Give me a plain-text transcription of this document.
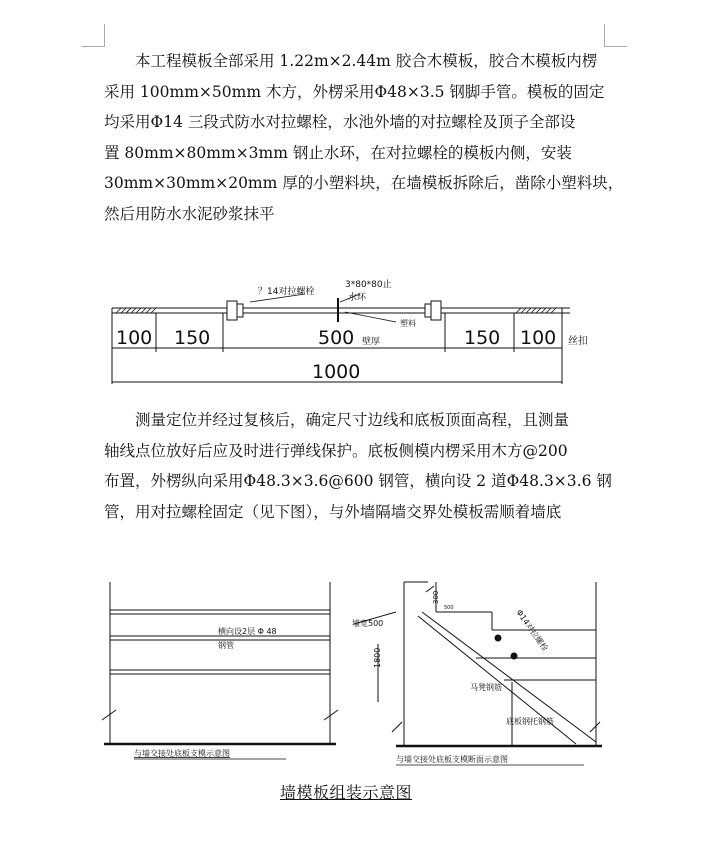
本工程模板全部采用 1.22m×2.44m 胶合木模板，胶合木模板内楞
采用 100mm×50mm 木方，外楞采用Φ48×3.5 钢脚手管。模板的固定
均采用Φ14 三段式防水对拉螺栓，水池外墙的对拉螺栓及顶子全部设
置 80mm×80mm×3mm 钢止水环，在对拉螺栓的模板内侧，安装
30mm×30mm×20mm 厚的小塑料块，在墙模板拆除后，凿除小塑料块，
然后用防水水泥砂浆抹平
？14对拉螺栓
3*80*80止
水环
塑料
100 150	500 壁厚	150 100 丝扣
1000
测量定位并经过复核后，确定尺寸边线和底板顶面高程，且测量
轴线点位放好后应及时进行弹线保护。底板侧模内楞采用木方@200
布置，外楞纵向采用Φ48.3×3.6@600 钢管，横向设 2 道Φ48.3×3.6 钢
管，用对拉螺栓固定（见下图），与外墙隔墙交界处模板需顺着墙底
横向设2层 Φ 48
钢管
与墙交接处底板支模示意图
墙宽500
1800
300
500	Φ14对拉螺栓
马凳钢筋
底板钢托钢筋
与墙交接处底板支模断面示意图
墙模板组装示意图
